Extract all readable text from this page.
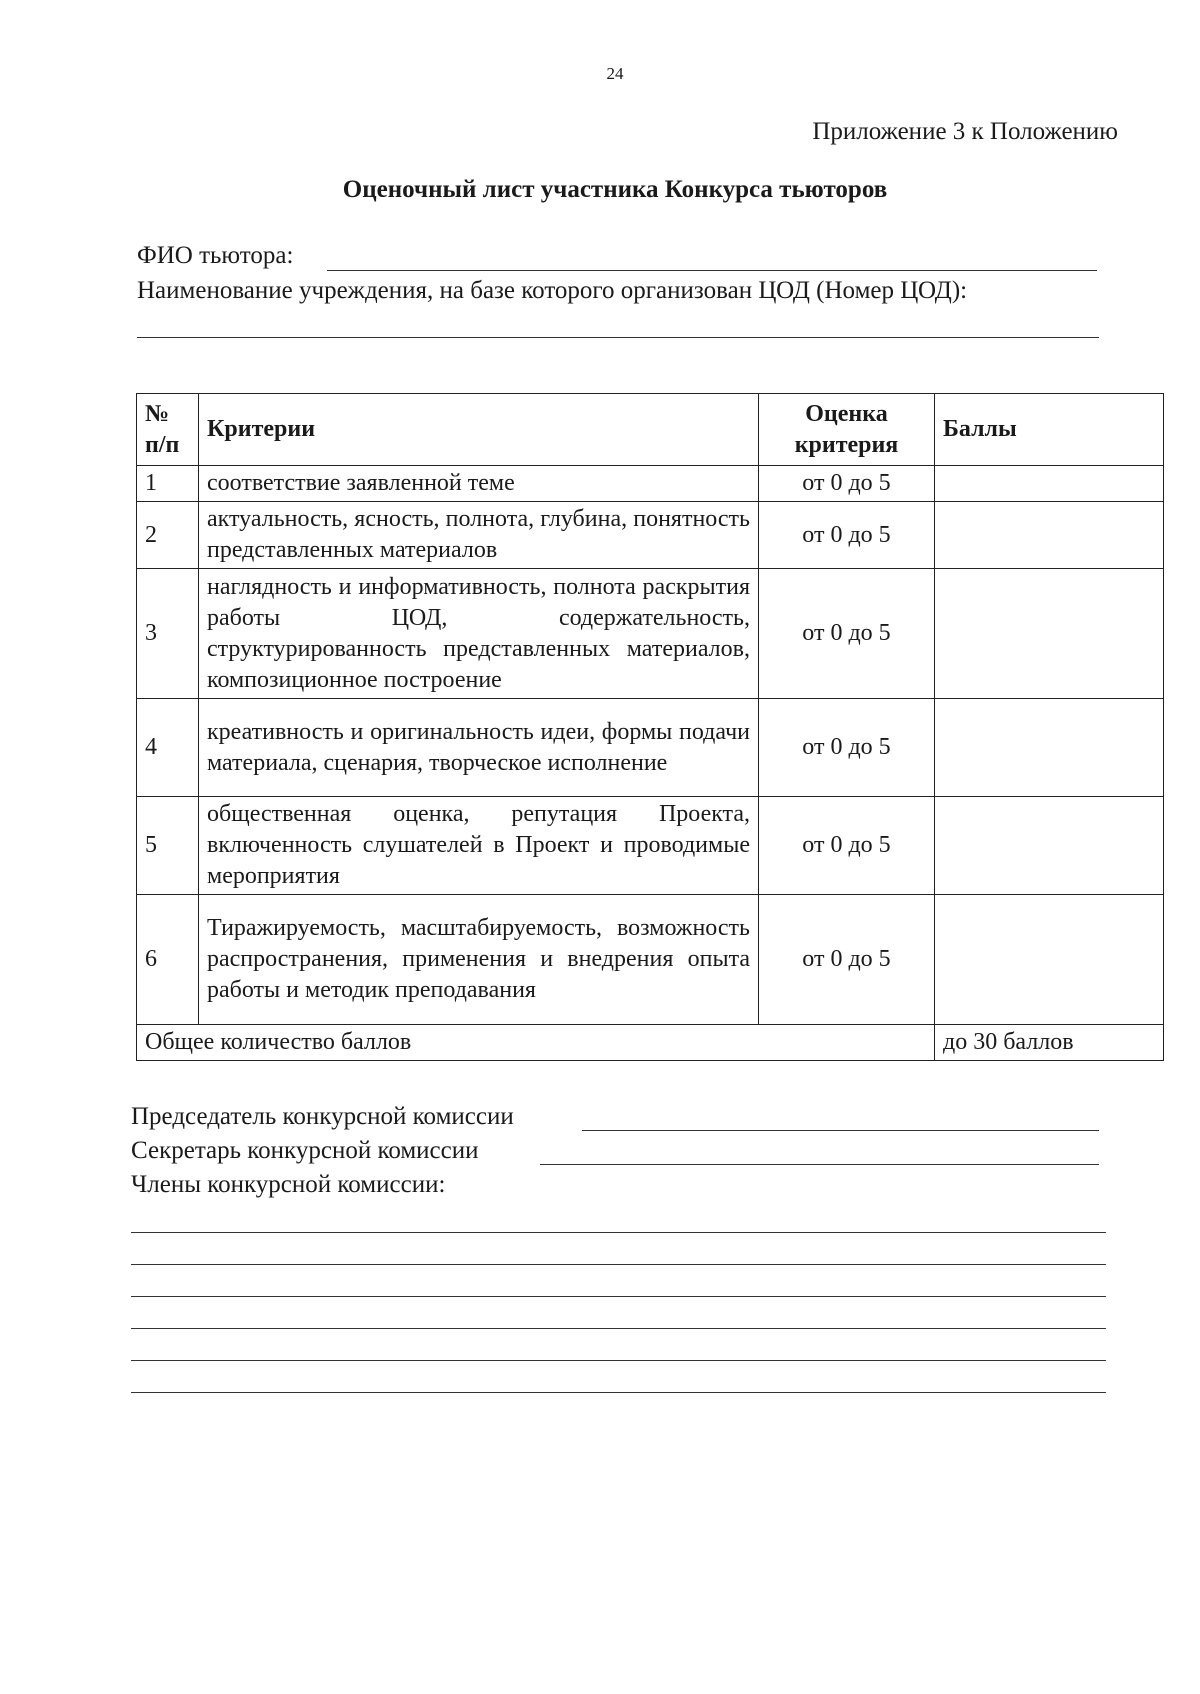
24
Приложение 3 к Положению
Оценочный лист участника Конкурса тьюторов
ФИО тьютора:
Наименование учреждения, на базе которого организован ЦОД (Номер ЦОД):
№ п/п	Критерии	Оценка критерия	Баллы
1	соответствие заявленной теме	от 0 до 5	
2	актуальность, ясность, полнота, глубина, понятность представленных материалов	от 0 до 5	
3	наглядность и информативность, полнота раскрытия работы ЦОД, содержательность, структурированность представленных материалов, композиционное построение	от 0 до 5	
4	креативность и оригинальность идеи, формы подачи материала, сценария, творческое исполнение	от 0 до 5	
5	общественная оценка, репутация Проекта, включенность слушателей в Проект и проводимые мероприятия	от 0 до 5	
6	Тиражируемость, масштабируемость, возможность распространения, применения и внедрения опыта работы и методик преподавания	от 0 до 5	
Общее количество баллов			до 30 баллов
Председатель конкурсной комиссии
Секретарь конкурсной комиссии
Члены конкурсной комиссии:
